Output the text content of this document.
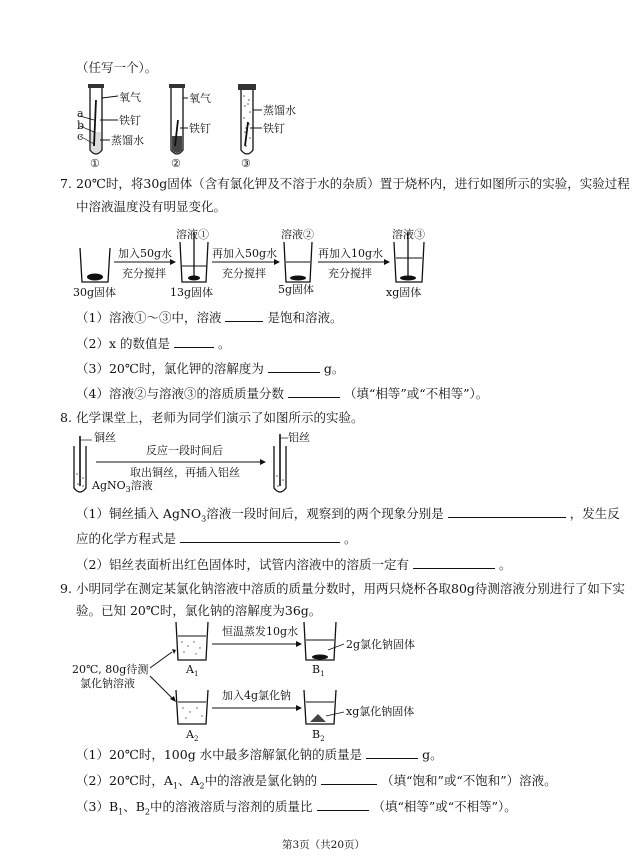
（任写一个）。
a
b
c
氧气
铁钉
蒸馏水
①
氧气
铁钉
②
蒸馏水
铁钉
③
7. 20℃时，将30g固体（含有氯化钾及不溶于水的杂质）置于烧杯内，进行如图所示的实验，实验过程
中溶液温度没有明显变化。
溶液①	溶液②	溶液③
加入50g水
充分搅拌
再加入50g水
充分搅拌
再加入10g水
充分搅拌
30g固体	13g固体	5g固体	xg固体
（1）溶液①～③中，溶液	是饱和溶液。
（2）x 的数值是	。
（3）20℃时，氯化钾的溶解度为	g。
（4）溶液②与溶液③的溶质质量分数	（填“相等”或“不相等”）。
8. 化学课堂上，老师为同学们演示了如图所示的实验。
铜丝	铝丝
反应一段时间后
取出铜丝，再插入铝丝
AgNO$_3$溶液
（1）铜丝插入 AgNO$_3$溶液一段时间后，观察到的两个现象分别是	，发生反
应的化学方程式是	。
（2）铝丝表面析出红色固体时，试管内溶液中的溶质一定有	。
9. 小明同学在测定某氯化钠溶液中溶质的质量分数时，用两只烧杯各取80g待测溶液分别进行了如下实
验。已知 20℃时，氯化钠的溶解度为36g。
恒温蒸发10g水
加入4g氯化钠
2g氯化钠固体
xg氯化钠固体
20℃, 80g待测
氯化钠溶液
$A_1$	$B_1$
$A_2$	$B_2$
（1）20℃时，100g 水中最多溶解氯化钠的质量是	g。
（2）20℃时，$A_1$、$A_2$中的溶液是氯化钠的	（填“饱和”或“不饱和”）溶液。
$(3)B_1$、$B_2$中的溶液溶质与溶剂的质量比	（填“相等”或“不相等”）。
第3页（共20页）
